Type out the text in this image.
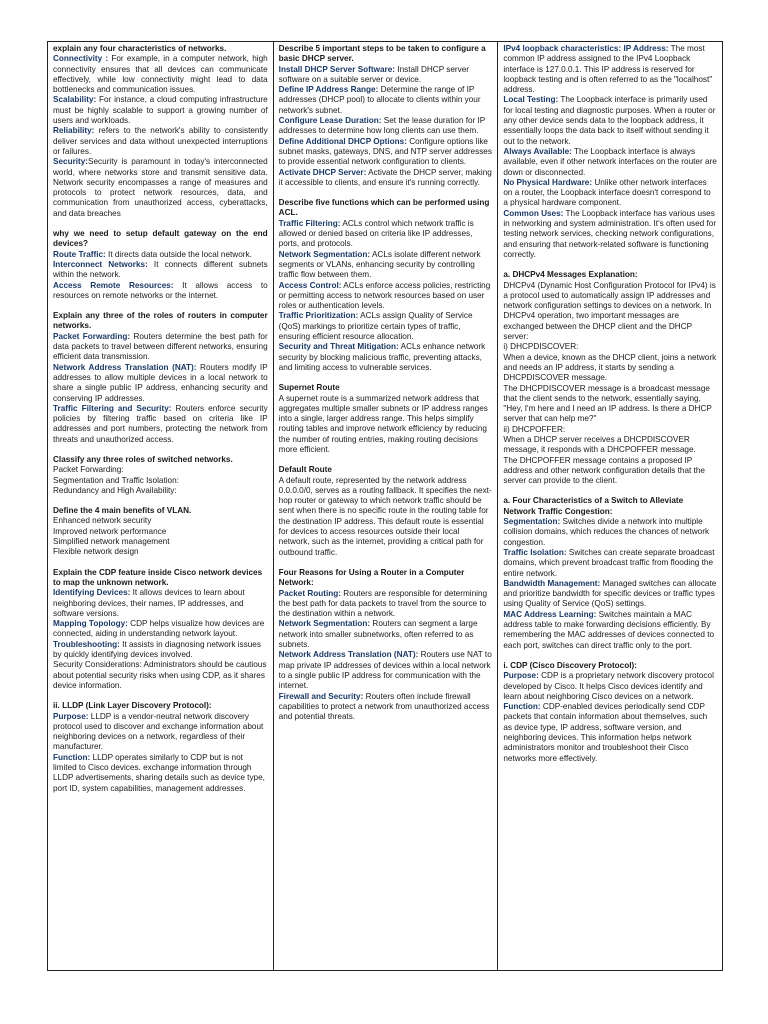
explain any four characteristics of networks.
Connectivity : For example, in a computer network, high connectivity ensures that all devices can communicate effectively, while low connectivity might lead to data bottlenecks and communication issues.
Scalability: For instance, a cloud computing infrastructure must be highly scalable to support a growing number of users and workloads.
Reliability: refers to the network's ability to consistently deliver services and data without unexpected interruptions or failures.
Security:Security is paramount in today's interconnected world, where networks store and transmit sensitive data. Network security encompasses a range of measures and protocols to protect network resources, data, and communication from unauthorized access, cyberattacks, and data breaches
why we need to setup default gateway on the end devices?
Route Traffic: It directs data outside the local network.
Interconnect Networks: It connects different subnets within the network.
Access Remote Resources: It allows access to resources on remote networks or the internet.
Explain any three of the roles of routers in computer networks.
Packet Forwarding: Routers determine the best path for data packets to travel between different networks, ensuring efficient data transmission.
Network Address Translation (NAT): Routers modify IP addresses to allow multiple devices in a local network to share a single public IP address, enhancing security and conserving IP addresses.
Traffic Filtering and Security: Routers enforce security policies by filtering traffic based on criteria like IP addresses and port numbers, protecting the network from threats and unauthorized access.
Classify any three roles of switched networks.
Packet Forwarding:
Segmentation and Traffic Isolation:
Redundancy and High Availability:
Define the 4 main benefits of VLAN.
Enhanced network security
Improved network performance
Simplified network management
Flexible network design
Explain the CDP feature inside Cisco network devices to map the unknown network.
Identifying Devices: It allows devices to learn about neighboring devices, their names, IP addresses, and software versions.
Mapping Topology: CDP helps visualize how devices are connected, aiding in understanding network layout.
Troubleshooting: It assists in diagnosing network issues by quickly identifying devices involved.
Security Considerations: Administrators should be cautious about potential security risks when using CDP, as it shares device information.
ii. LLDP (Link Layer Discovery Protocol):
Purpose: LLDP is a vendor-neutral network discovery protocol used to discover and exchange information about neighboring devices on a network, regardless of their manufacturer.
Function: LLDP operates similarly to CDP but is not limited to Cisco devices. exchange information through LLDP advertisements, sharing details such as device type, port ID, system capabilities, management addresses.
Describe 5 important steps to be taken to configure a basic DHCP server.
Install DHCP Server Software: Install DHCP server software on a suitable server or device.
Define IP Address Range: Determine the range of IP addresses (DHCP pool) to allocate to clients within your network's subnet.
Configure Lease Duration: Set the lease duration for IP addresses to determine how long clients can use them.
Define Additional DHCP Options: Configure options like subnet masks, gateways, DNS, and NTP server addresses to provide essential network configuration to clients.
Activate DHCP Server: Activate the DHCP server, making it accessible to clients, and ensure it's running correctly.
Describe five functions which can be performed using ACL.
Traffic Filtering: ACLs control which network traffic is allowed or denied based on criteria like IP addresses, ports, and protocols.
Network Segmentation: ACLs isolate different network segments or VLANs, enhancing security by controlling traffic flow between them.
Access Control: ACLs enforce access policies, restricting or permitting access to network resources based on user roles or authentication levels.
Traffic Prioritization: ACLs assign Quality of Service (QoS) markings to prioritize certain types of traffic, ensuring efficient resource allocation.
Security and Threat Mitigation: ACLs enhance network security by blocking malicious traffic, preventing attacks, and limiting access to vulnerable services.
Supernet Route
A supernet route is a summarized network address that aggregates multiple smaller subnets or IP address ranges into a single, larger address range. This helps simplify routing tables and improve network efficiency by reducing the number of routing entries, making routing decisions more efficient.
Default Route
A default route, represented by the network address 0.0.0.0/0, serves as a routing fallback. It specifies the next-hop router or gateway to which network traffic should be sent when there is no specific route in the routing table for the destination IP address. This default route is essential for devices to access resources outside their local network, such as the internet, providing a critical path for outbound traffic.
Four Reasons for Using a Router in a Computer Network:
Packet Routing: Routers are responsible for determining the best path for data packets to travel from the source to the destination within a network.
Network Segmentation: Routers can segment a large network into smaller subnetworks, often referred to as subnets.
Network Address Translation (NAT): Routers use NAT to map private IP addresses of devices within a local network to a single public IP address for communication with the internet.
Firewall and Security: Routers often include firewall capabilities to protect a network from unauthorized access and potential threats.
IPv4 loopback characteristics: IP Address: The most common IP address assigned to the IPv4 Loopback interface is 127.0.0.1. This IP address is reserved for loopback testing and is often referred to as the "localhost" address.
Local Testing: The Loopback interface is primarily used for local testing and diagnostic purposes. When a router or any other device sends data to the loopback address, it essentially loops the data back to itself without sending it out to the network.
Always Available: The Loopback interface is always available, even if other network interfaces on the router are down or disconnected.
No Physical Hardware: Unlike other network interfaces on a router, the Loopback interface doesn't correspond to a physical hardware component.
Common Uses: The Loopback interface has various uses in networking and system administration. It's often used for testing network services, checking network configurations, and ensuring that network-related software is functioning correctly.
a. DHCPv4 Messages Explanation:
DHCPv4 (Dynamic Host Configuration Protocol for IPv4) is a protocol used to automatically assign IP addresses and network configuration settings to devices on a network. In DHCPv4 operation, two important messages are exchanged between the DHCP client and the DHCP server:
i) DHCPDISCOVER:
When a device, known as the DHCP client, joins a network and needs an IP address, it starts by sending a DHCPDISCOVER message.
The DHCPDISCOVER message is a broadcast message that the client sends to the network, essentially saying, "Hey, I'm here and I need an IP address. Is there a DHCP server that can help me?"
ii) DHCPOFFER:
When a DHCP server receives a DHCPDISCOVER message, it responds with a DHCPOFFER message.
The DHCPOFFER message contains a proposed IP address and other network configuration details that the server can provide to the client.
a. Four Characteristics of a Switch to Alleviate Network Traffic Congestion:
Segmentation: Switches divide a network into multiple collision domains, which reduces the chances of network congestion.
Traffic Isolation: Switches can create separate broadcast domains, which prevent broadcast traffic from flooding the entire network.
Bandwidth Management: Managed switches can allocate and prioritize bandwidth for specific devices or traffic types using Quality of Service (QoS) settings.
MAC Address Learning: Switches maintain a MAC address table to make forwarding decisions efficiently. By remembering the MAC addresses of devices connected to each port, switches can direct traffic only to the port.
i. CDP (Cisco Discovery Protocol):
Purpose: CDP is a proprietary network discovery protocol developed by Cisco. It helps Cisco devices identify and learn about neighboring Cisco devices on a network.
Function: CDP-enabled devices periodically send CDP packets that contain information about themselves, such as device type, IP address, software version, and neighboring devices. This information helps network administrators monitor and troubleshoot their Cisco networks more effectively.
